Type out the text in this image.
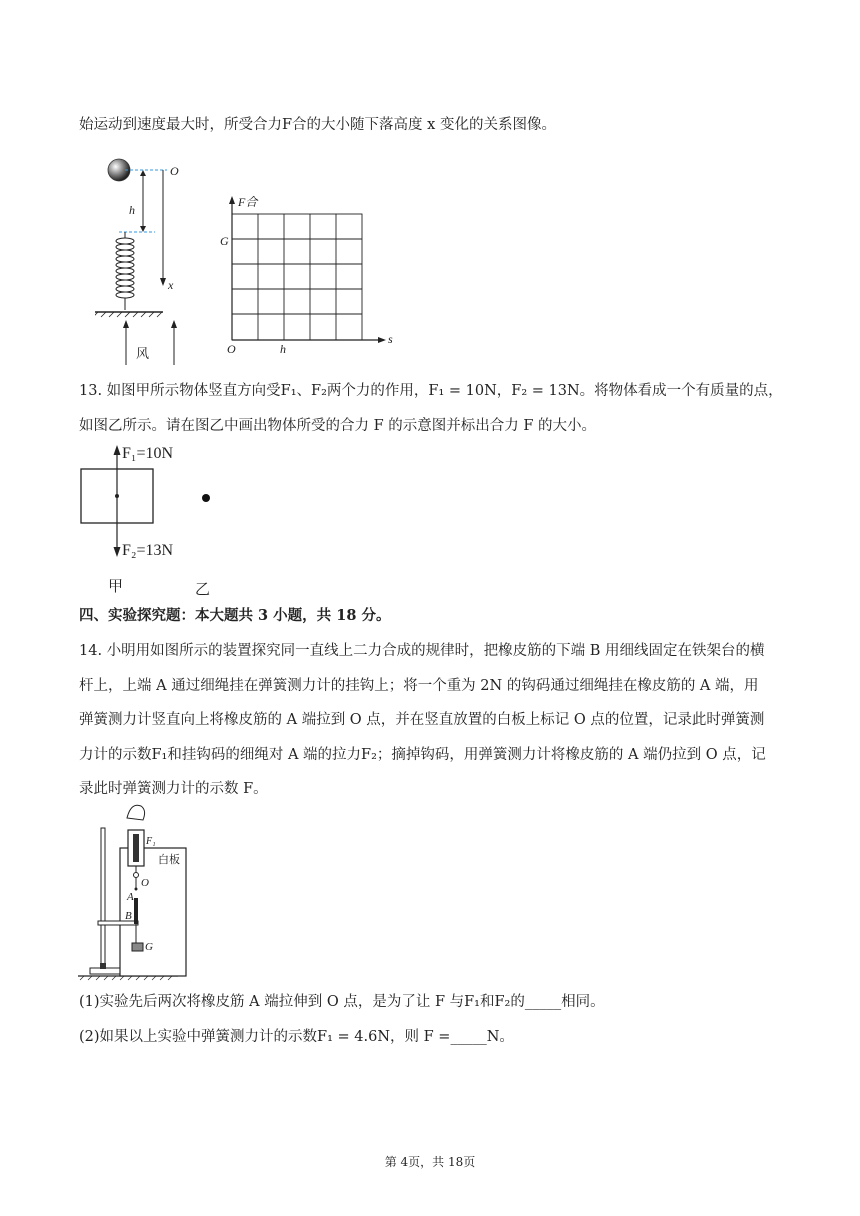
始运动到速度最大时，所受合力F合的大小随下落高度 x 变化的关系图像。
O
h
x
风
F合
G
O	h
s
13. 如图甲所示物体竖直方向受F₁、F₂两个力的作用，F₁ = 10N，F₂ = 13N。将物体看成一个有质量的点，
如图乙所示。请在图乙中画出物体所受的合力 F 的示意图并标出合力 F 的大小。
F₁=10N
F₂=13N
甲	乙
四、实验探究题：本大题共 3 小题，共 18 分。
14. 小明用如图所示的装置探究同一直线上二力合成的规律时，把橡皮筋的下端 B 用细线固定在铁架台的横
杆上，上端 A 通过细绳挂在弹簧测力计的挂钩上；将一个重为 2N 的钩码通过细绳挂在橡皮筋的 A 端，用
弹簧测力计竖直向上将橡皮筋的 A 端拉到 O 点，并在竖直放置的白板上标记 O 点的位置，记录此时弹簧测
力计的示数F₁和挂钩码的细绳对 A 端的拉力F₂；摘掉钩码，用弹簧测力计将橡皮筋的 A 端仍拉到 O 点，记
录此时弹簧测力计的示数 F。
F₁
白板
O
A
B
G
(1)实验先后两次将橡皮筋 A 端拉伸到 O 点，是为了让 F 与F₁和F₂的_____相同。
(2)如果以上实验中弹簧测力计的示数F₁ = 4.6N，则 F =_____N。
第 4页，共 18页
